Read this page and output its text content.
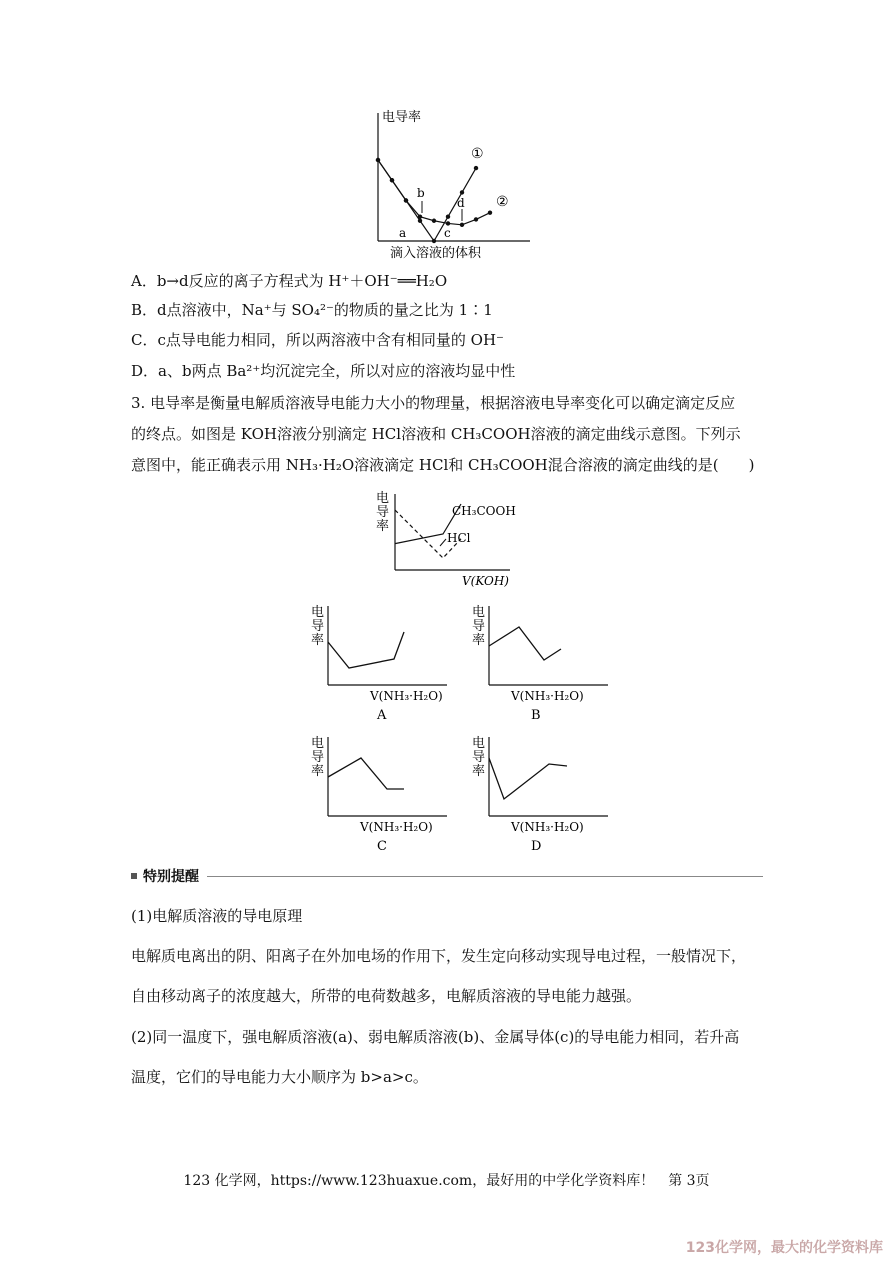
电导率
滴入溶液的体积
①
②
a
b
c
d
A．b→d反应的离子方程式为 H⁺＋OH⁻══H₂O
B．d点溶液中，Na⁺与 SO₄²⁻的物质的量之比为 1∶1
C．c点导电能力相同，所以两溶液中含有相同量的 OH⁻
D．a、b两点 Ba²⁺均沉淀完全，所以对应的溶液均显中性
3. 电导率是衡量电解质溶液导电能力大小的物理量，根据溶液电导率变化可以确定滴定反应
的终点。如图是 KOH溶液分别滴定 HCl溶液和 CH₃COOH溶液的滴定曲线示意图。下列示
意图中，能正确表示用 NH₃·H₂O溶液滴定 HCl和 CH₃COOH混合溶液的滴定曲线的是(　　)
电
导
率
CH₃COOH
HCl
V(KOH)
电
导
率
V(NH₃·H₂O)
A
电
导
率
V(NH₃·H₂O)
B
电
导
率
V(NH₃·H₂O)
C
电
导
率
V(NH₃·H₂O)
D
特别提醒
(1)电解质溶液的导电原理
电解质电离出的阴、阳离子在外加电场的作用下，发生定向移动实现导电过程，一般情况下，
自由移动离子的浓度越大，所带的电荷数越多，电解质溶液的导电能力越强。
(2)同一温度下，强电解质溶液(a)、弱电解质溶液(b)、金属导体(c)的导电能力相同，若升高
温度，它们的导电能力大小顺序为 b>a>c。
123 化学网，https://www.123huaxue.com，最好用的中学化学资料库！　第 3页
123化学网，最大的化学资料库
